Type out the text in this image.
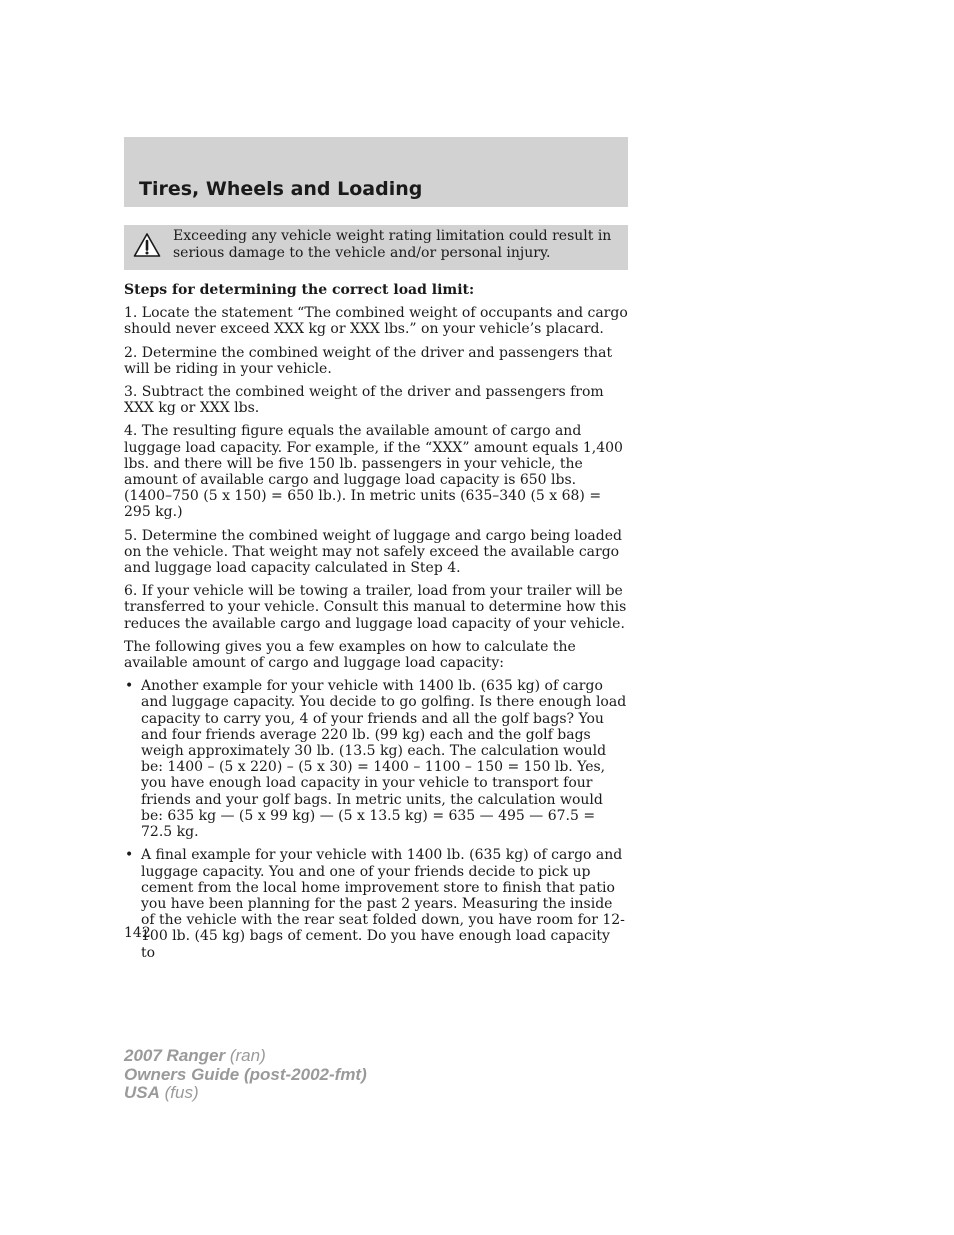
Tires, Wheels and Loading

Exceeding any vehicle weight rating limitation could result in serious damage to the vehicle and/or personal injury.

Steps for determining the correct load limit:

1. Locate the statement “The combined weight of occupants and cargo should never exceed XXX kg or XXX lbs.” on your vehicle’s placard.

2. Determine the combined weight of the driver and passengers that will be riding in your vehicle.

3. Subtract the combined weight of the driver and passengers from XXX kg or XXX lbs.

4. The resulting figure equals the available amount of cargo and luggage load capacity. For example, if the “XXX” amount equals 1,400 lbs. and there will be five 150 lb. passengers in your vehicle, the amount of available cargo and luggage load capacity is 650 lbs. (1400–750 (5 x 150) = 650 lb.). In metric units (635–340 (5 x 68) = 295 kg.)

5. Determine the combined weight of luggage and cargo being loaded on the vehicle. That weight may not safely exceed the available cargo and luggage load capacity calculated in Step 4.

6. If your vehicle will be towing a trailer, load from your trailer will be transferred to your vehicle. Consult this manual to determine how this reduces the available cargo and luggage load capacity of your vehicle.

The following gives you a few examples on how to calculate the available amount of cargo and luggage load capacity:

• Another example for your vehicle with 1400 lb. (635 kg) of cargo and luggage capacity. You decide to go golfing. Is there enough load capacity to carry you, 4 of your friends and all the golf bags? You and four friends average 220 lb. (99 kg) each and the golf bags weigh approximately 30 lb. (13.5 kg) each. The calculation would be: 1400 – (5 x 220) – (5 x 30) = 1400 – 1100 – 150 = 150 lb. Yes, you have enough load capacity in your vehicle to transport four friends and your golf bags. In metric units, the calculation would be: 635 kg — (5 x 99 kg) — (5 x 13.5 kg) = 635 — 495 — 67.5 = 72.5 kg.
• A final example for your vehicle with 1400 lb. (635 kg) of cargo and luggage capacity. You and one of your friends decide to pick up cement from the local home improvement store to finish that patio you have been planning for the past 2 years. Measuring the inside of the vehicle with the rear seat folded down, you have room for 12-100 lb. (45 kg) bags of cement. Do you have enough load capacity to

142

2007 Ranger (ran)
Owners Guide (post-2002-fmt)
USA (fus)
